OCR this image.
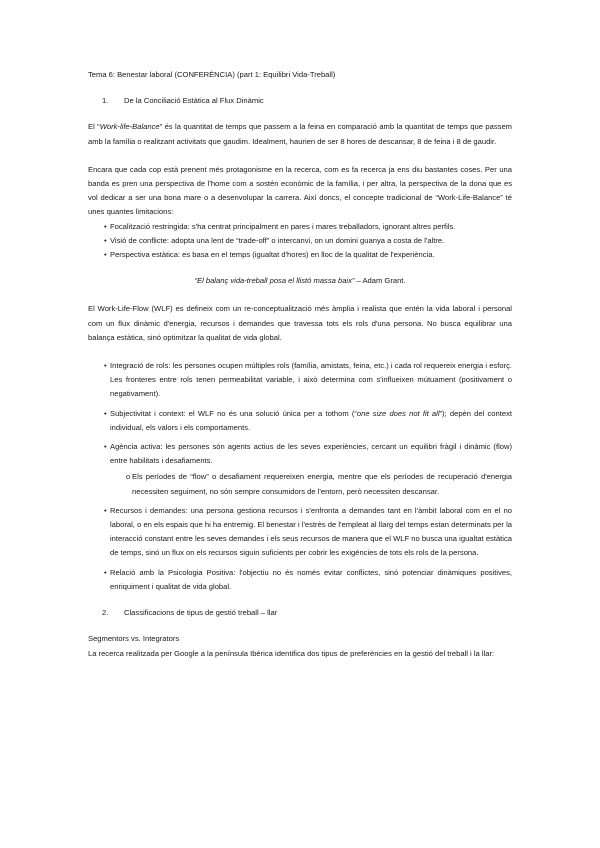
Tema 6: Benestar laboral (CONFERÈNCIA) (part 1: Equilibri Vida-Treball)

1.	De la Conciliació Estàtica al Flux Dinàmic

El “Work-life-Balance” és la quantitat de temps que passem a la feina en comparació amb la quantitat de temps que passem amb la família o realitzant activitats que gaudim. Idealment, haurien de ser 8 hores de descansar, 8 de feina i 8 de gaudir.

Encara que cada cop està prenent més protagonisme en la recerca, com es fa recerca ja ens diu bastantes coses. Per una banda es pren una perspectiva de l'home com a sostén econòmic de la família, i per altra, la perspectiva de la dona que es vol dedicar a ser una bona mare o a desenvolupar la carrera. Així doncs, el concepte tradicional de “Work-Life-Balance” té unes quantes limitacions:

• Focalització restringida: s'ha centrat principalment en pares i mares treballadors, ignorant altres perfils.
• Visió de conflicte: adopta una lent de “trade-off” o intercanvi, on un domini guanya a costa de l'altre.
• Perspectiva estàtica: es basa en el temps (igualtat d'hores) en lloc de la qualitat de l'experiència.

“El balanç vida-treball posa el llistó massa baix” – Adam Grant.

El Work-Life-Flow (WLF) es defineix com un re-conceptualització més àmplia i realista que entén la vida laboral i personal com un flux dinàmic d'energia, recursos i demandes que travessa tots els rols d'una persona. No busca equilibrar una balança estàtica, sinó optimitzar la qualitat de vida global.

• Integració de rols: les persones ocupen múltiples rols (família, amistats, feina, etc.) i cada rol requereix energia i esforç. Les fronteres entre rols tenen permeabilitat variable, i això determina com s'influeixen mútuament (positivament o negativament).
• Subjectivitat i context: el WLF no és una solució única per a tothom (“one size does not fit all”); depèn del context individual, els valors i els comportaments.
• Agència activa: les persones són agents actius de les seves experiències, cercant un equilibri fràgil i dinàmic (flow) entre habilitats i desafiaments.
o Els períodes de “flow” o desafiament requereixen energia, mentre que els períodes de recuperació d'energia necessiten seguiment, no són sempre consumidors de l'entorn, però necessiten descansar.
• Recursos i demandes: una persona gestiona recursos i s'enfronta a demandes tant en l'àmbit laboral com en el no laboral, o en els espais que hi ha entremig. El benestar i l'estrès de l'empleat al llarg del temps estan determinats per la interacció constant entre les seves demandes i els seus recursos de manera que el WLF no busca una igualtat estàtica de temps, sinó un flux on els recursos siguin suficients per cobrir les exigències de tots els rols de la persona.
• Relació amb la Psicologia Positiva: l'objectiu no és només evitar conflictes, sinó potenciar dinàmiques positives, enriquiment i qualitat de vida global.
2.	Classificacions de tipus de gestió treball – llar

Segmentors vs. Integrators

La recerca realitzada per Google a la península Ibèrica identifica dos tipus de preferències en la gestió del treball i la llar:
